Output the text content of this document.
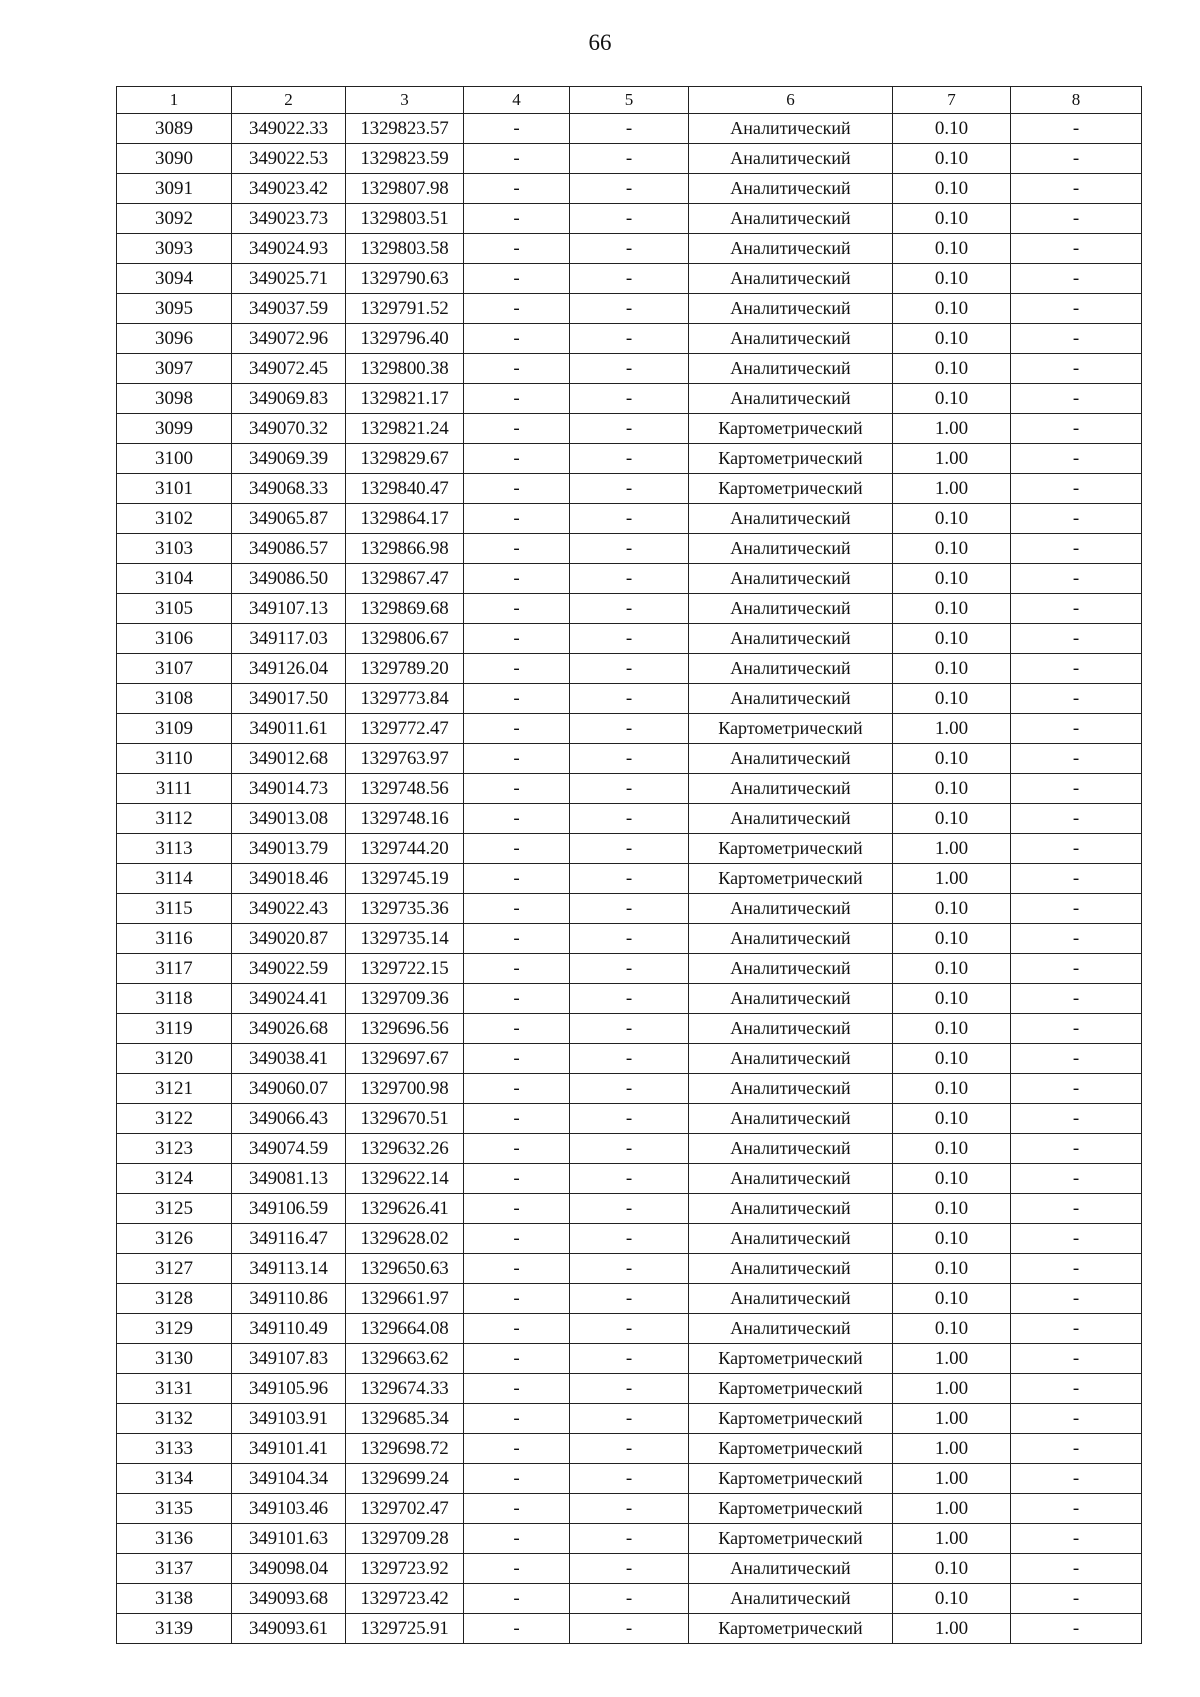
66
1	2	3	4	5	6	7	8
3089	349022.33	1329823.57	-	-	Аналитический	0.10	-
3090	349022.53	1329823.59	-	-	Аналитический	0.10	-
3091	349023.42	1329807.98	-	-	Аналитический	0.10	-
3092	349023.73	1329803.51	-	-	Аналитический	0.10	-
3093	349024.93	1329803.58	-	-	Аналитический	0.10	-
3094	349025.71	1329790.63	-	-	Аналитический	0.10	-
3095	349037.59	1329791.52	-	-	Аналитический	0.10	-
3096	349072.96	1329796.40	-	-	Аналитический	0.10	-
3097	349072.45	1329800.38	-	-	Аналитический	0.10	-
3098	349069.83	1329821.17	-	-	Аналитический	0.10	-
3099	349070.32	1329821.24	-	-	Картометрический	1.00	-
3100	349069.39	1329829.67	-	-	Картометрический	1.00	-
3101	349068.33	1329840.47	-	-	Картометрический	1.00	-
3102	349065.87	1329864.17	-	-	Аналитический	0.10	-
3103	349086.57	1329866.98	-	-	Аналитический	0.10	-
3104	349086.50	1329867.47	-	-	Аналитический	0.10	-
3105	349107.13	1329869.68	-	-	Аналитический	0.10	-
3106	349117.03	1329806.67	-	-	Аналитический	0.10	-
3107	349126.04	1329789.20	-	-	Аналитический	0.10	-
3108	349017.50	1329773.84	-	-	Аналитический	0.10	-
3109	349011.61	1329772.47	-	-	Картометрический	1.00	-
3110	349012.68	1329763.97	-	-	Аналитический	0.10	-
3111	349014.73	1329748.56	-	-	Аналитический	0.10	-
3112	349013.08	1329748.16	-	-	Аналитический	0.10	-
3113	349013.79	1329744.20	-	-	Картометрический	1.00	-
3114	349018.46	1329745.19	-	-	Картометрический	1.00	-
3115	349022.43	1329735.36	-	-	Аналитический	0.10	-
3116	349020.87	1329735.14	-	-	Аналитический	0.10	-
3117	349022.59	1329722.15	-	-	Аналитический	0.10	-
3118	349024.41	1329709.36	-	-	Аналитический	0.10	-
3119	349026.68	1329696.56	-	-	Аналитический	0.10	-
3120	349038.41	1329697.67	-	-	Аналитический	0.10	-
3121	349060.07	1329700.98	-	-	Аналитический	0.10	-
3122	349066.43	1329670.51	-	-	Аналитический	0.10	-
3123	349074.59	1329632.26	-	-	Аналитический	0.10	-
3124	349081.13	1329622.14	-	-	Аналитический	0.10	-
3125	349106.59	1329626.41	-	-	Аналитический	0.10	-
3126	349116.47	1329628.02	-	-	Аналитический	0.10	-
3127	349113.14	1329650.63	-	-	Аналитический	0.10	-
3128	349110.86	1329661.97	-	-	Аналитический	0.10	-
3129	349110.49	1329664.08	-	-	Аналитический	0.10	-
3130	349107.83	1329663.62	-	-	Картометрический	1.00	-
3131	349105.96	1329674.33	-	-	Картометрический	1.00	-
3132	349103.91	1329685.34	-	-	Картометрический	1.00	-
3133	349101.41	1329698.72	-	-	Картометрический	1.00	-
3134	349104.34	1329699.24	-	-	Картометрический	1.00	-
3135	349103.46	1329702.47	-	-	Картометрический	1.00	-
3136	349101.63	1329709.28	-	-	Картометрический	1.00	-
3137	349098.04	1329723.92	-	-	Аналитический	0.10	-
3138	349093.68	1329723.42	-	-	Аналитический	0.10	-
3139	349093.61	1329725.91	-	-	Картометрический	1.00	-
